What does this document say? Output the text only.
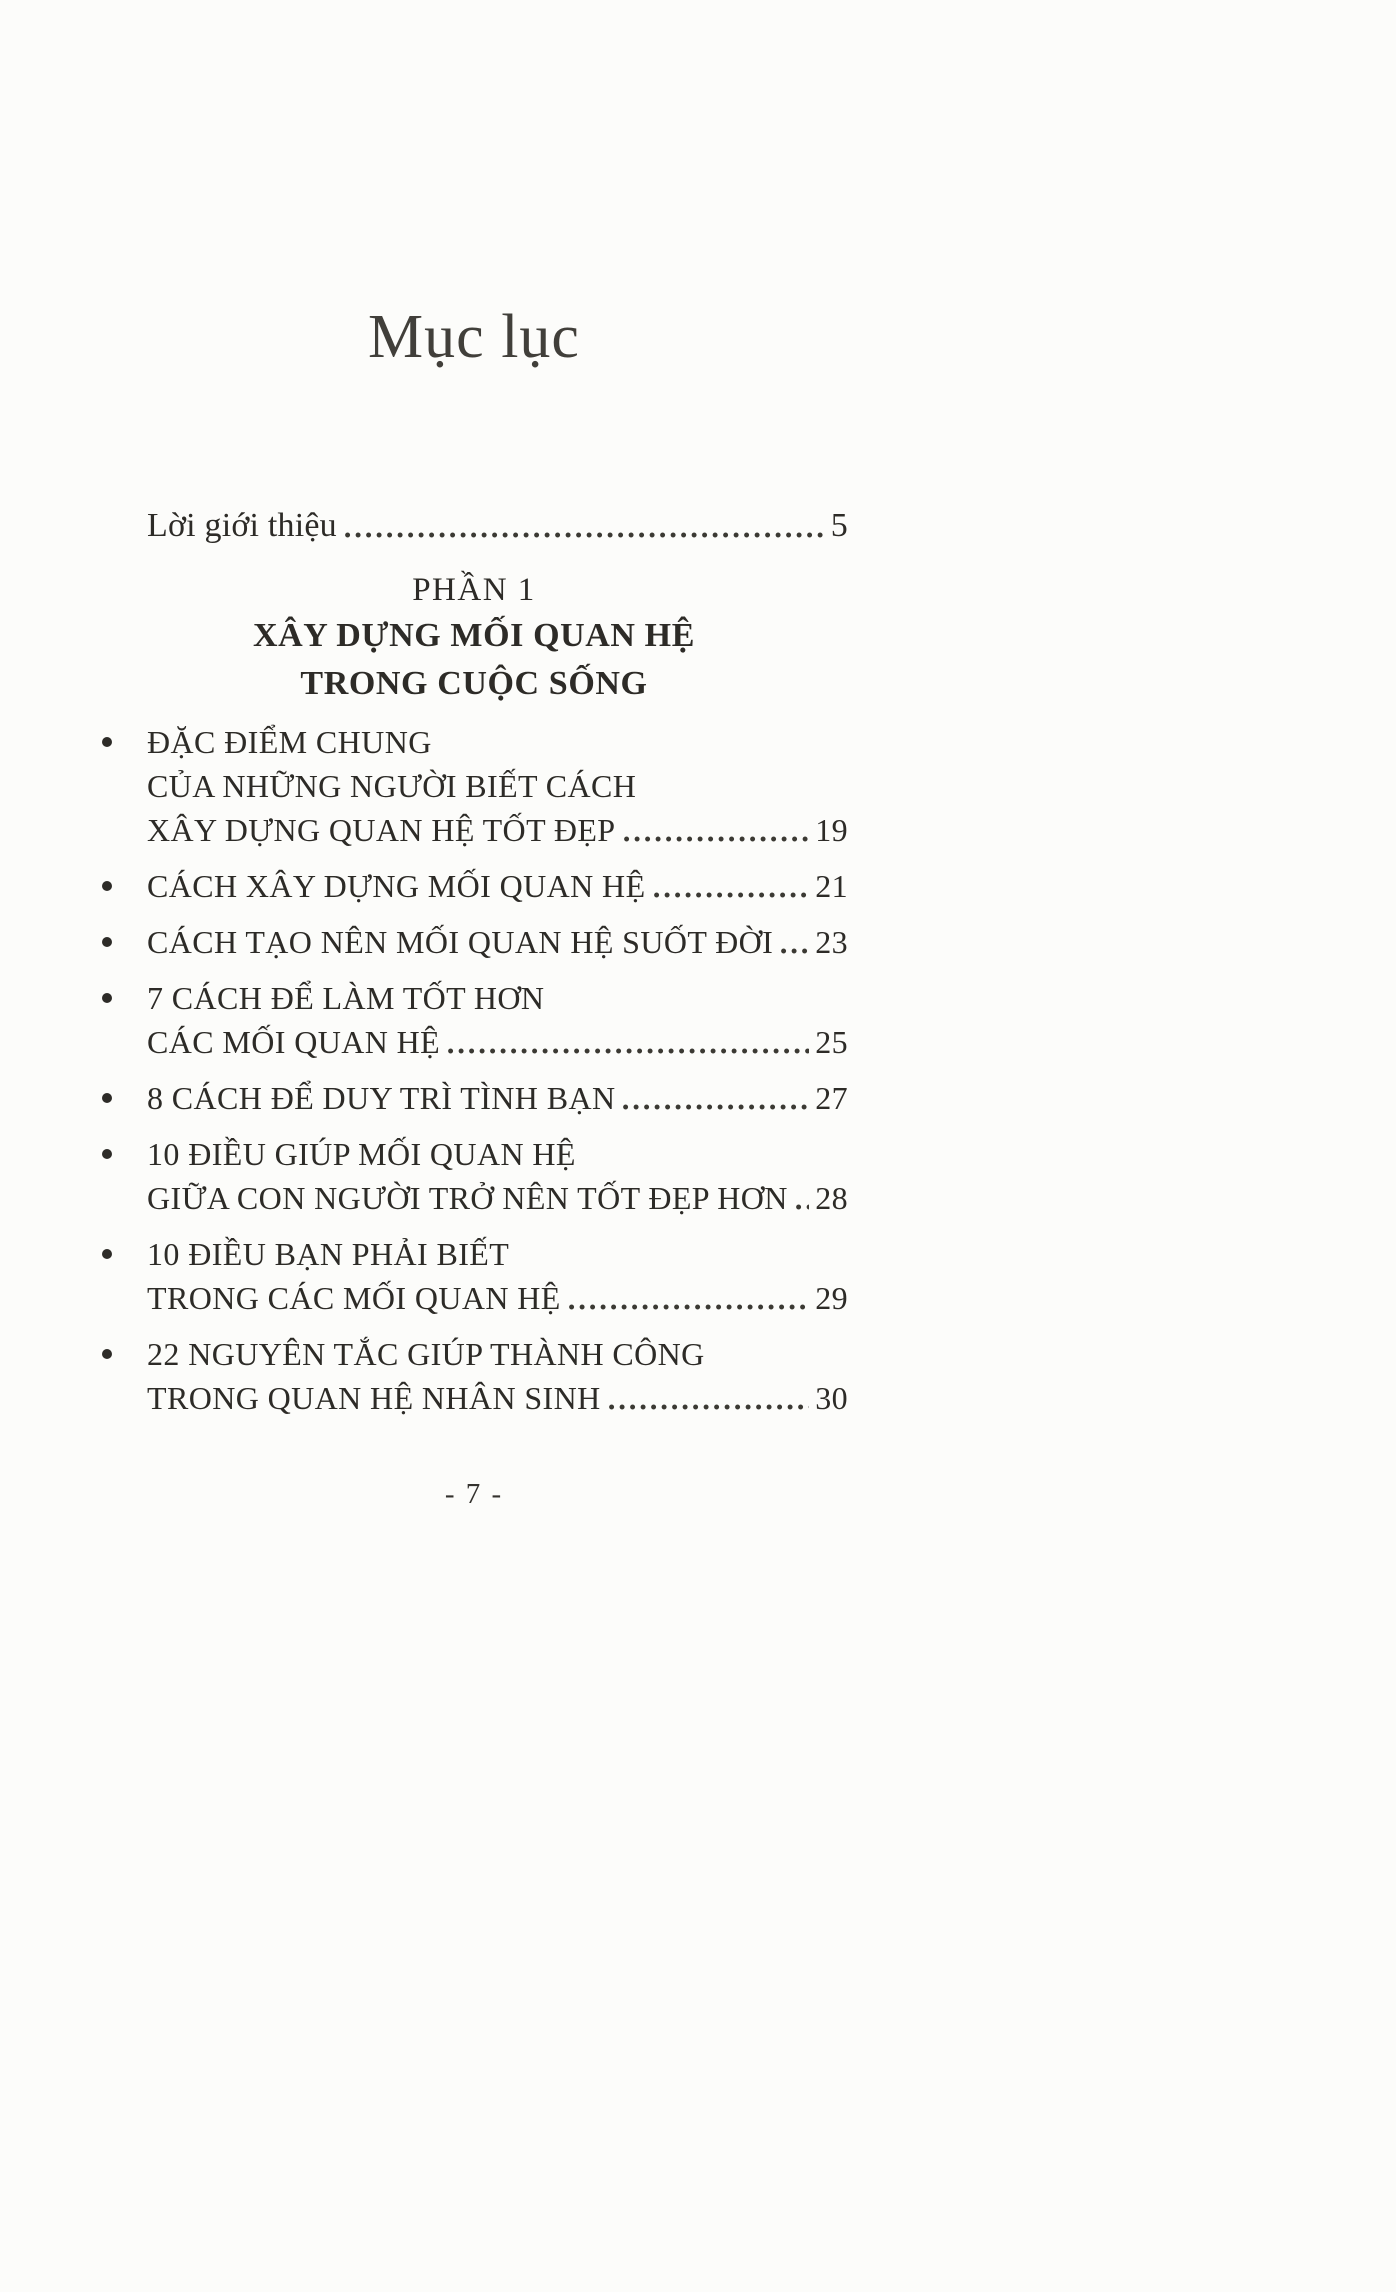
Mục lục
Lời giới thiệu	5
PHẦN 1
XÂY DỰNG MỐI QUAN HỆ
TRONG CUỘC SỐNG
ĐẶC ĐIỂM CHUNG
CỦA NHỮNG NGƯỜI BIẾT CÁCH
XÂY DỰNG QUAN HỆ TỐT ĐẸP	19
CÁCH XÂY DỰNG MỐI QUAN HỆ	21
CÁCH TẠO NÊN MỐI QUAN HỆ SUỐT ĐỜI 23
7 CÁCH ĐỂ LÀM TỐT HƠN
CÁC MỐI QUAN HỆ	25
8 CÁCH ĐỂ DUY TRÌ TÌNH BẠN	27
10 ĐIỀU GIÚP MỐI QUAN HỆ
GIỮA CON NGƯỜI TRỞ NÊN TỐT ĐẸP HƠN 28
10 ĐIỀU BẠN PHẢI BIẾT
TRONG CÁC MỐI QUAN HỆ	29
22 NGUYÊN TẮC GIÚP THÀNH CÔNG
TRONG QUAN HỆ NHÂN SINH	30
- 7 -
